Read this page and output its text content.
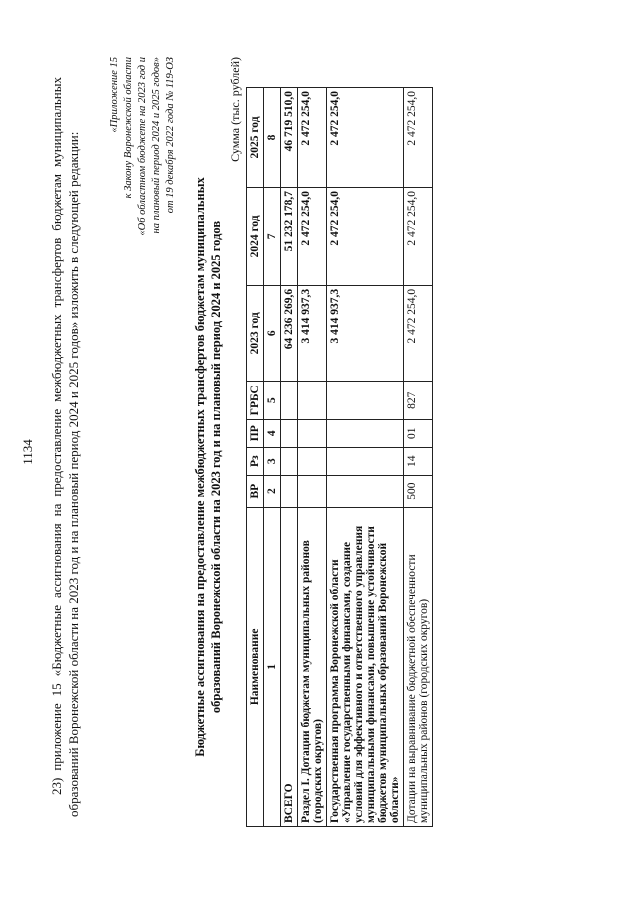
1134 23) приложение 15 «Бюджетные ассигнования на предоставление межбюджетных трансфертов бюджетам муниципальных образований Воронежской области на 2023 год и на плановый период 2024 и 2025 годов» изложить в следующей редакции:
«Приложение 15 к Закону Воронежской области «Об областном бюджете на 2023 год и на плановый период 2024 и 2025 годов» от 19 декабря 2022 года № 119-ОЗ
Бюджетные ассигнования на предоставление межбюджетных трансфертов бюджетам муниципальных образований Воронежской области на 2023 год и на плановый период 2024 и 2025 годов
Сумма (тыс. рублей)
Наименование	ВР	Рз	ПР	ГРБС	2023 год	2024 год	2025 год
1	2	3	4	5	6	7	8
ВСЕГО					64 236 269,6	51 232 178,7	46 719 510,0
Раздел I. Дотации бюджетам муниципальных районов (городских округов)					3 414 937,3	2 472 254,0	2 472 254,0
Государственная программа Воронежской области «Управление государственными финансами, создание условий для эффективного и ответственного управления муниципальными финансами, повышение устойчивости бюджетов муниципальных образований Воронежской области»					3 414 937,3	2 472 254,0	2 472 254,0
Дотации на выравнивание бюджетной обеспеченности муниципальных районов (городских округов)	500	14	01	827	2 472 254,0	2 472 254,0	2 472 254,0
